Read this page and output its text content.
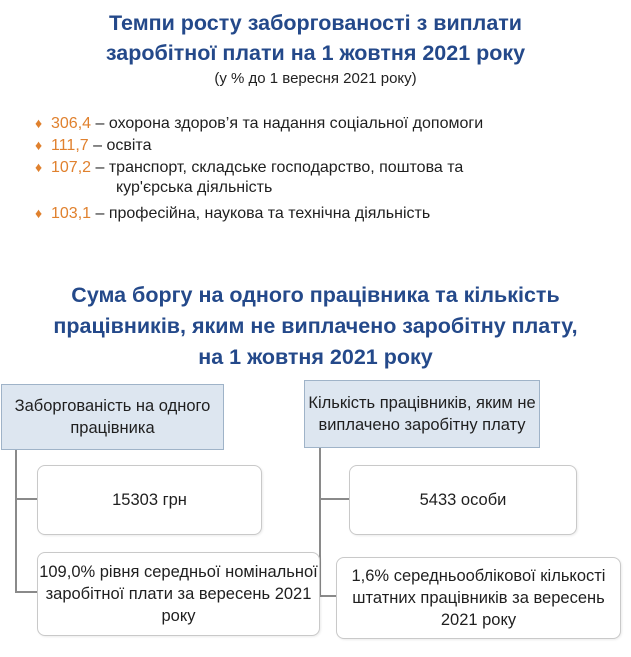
Темпи росту заборгованості з виплати
заробітної плати на 1 жовтня 2021 року
(у % до 1 вересня 2021 року)
♦ 306,4 – охорона здоров’я та надання соціальної допомоги
♦ 111,7 – освіта
♦ 107,2 – транспорт, складське господарство, поштова та
кур'єрська діяльність
♦ 103,1 – професійна, наукова та технічна діяльність
Сума боргу на одного працівника та кількість
працівників, яким не виплачено заробітну плату,
на 1 жовтня 2021 року
Заборгованість на одного працівника
Кількість працівників, яким не виплачено заробітну плату
15303 грн
109,0% рівня середньої номінальної заробітної плати за вересень 2021 року
5433 особи
1,6% середньооблікової кількості штатних працівників за вересень 2021 року
